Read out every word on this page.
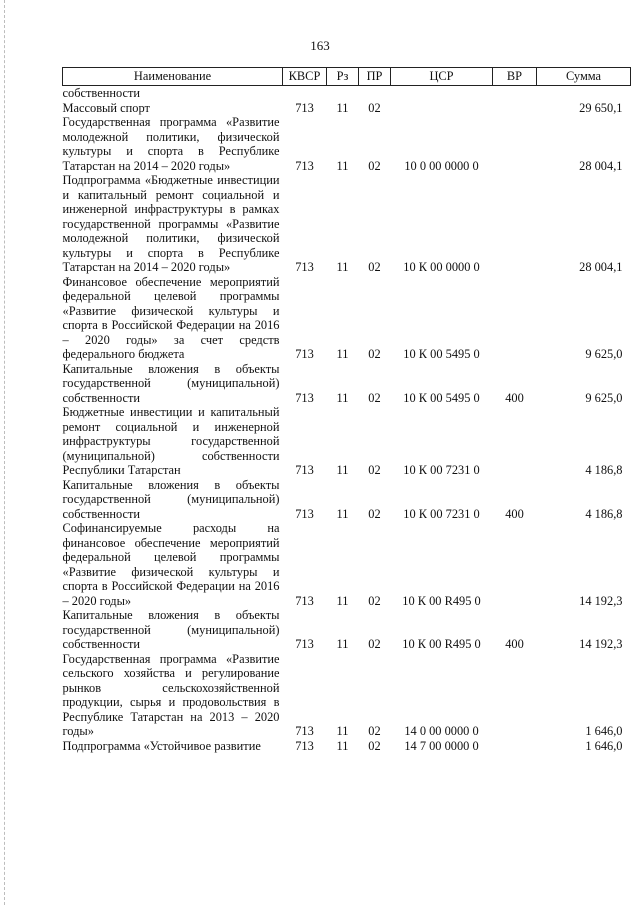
163
Наименование	КВСР	Рз	ПР	ЦСР	ВР	Сумма
собственности						
Массовый спорт	713	11	02			29 650,1
Государственная программа «Развитие молодежной политики, физической культуры и спорта в Республике Татарстан на 2014 – 2020 годы»	713	11	02	10 0 00 0000 0		28 004,1
Подпрограмма «Бюджетные инвестиции и капитальный ремонт социальной и инженерной инфраструктуры в рамках государственной программы «Развитие молодежной политики, физической культуры и спорта в Республике Татарстан на 2014 – 2020 годы»	713	11	02	10 К 00 0000 0		28 004,1
Финансовое обеспечение мероприятий федеральной целевой программы «Развитие физической культуры и спорта в Российской Федерации на 2016 – 2020 годы» за счет средств федерального бюджета	713	11	02	10 К 00 5495 0		9 625,0
Капитальные вложения в объекты государственной (муниципальной) собственности	713	11	02	10 К 00 5495 0	400	9 625,0
Бюджетные инвестиции и капитальный ремонт социальной и инженерной инфраструктуры государственной (муниципальной) собственности Республики Татарстан	713	11	02	10 К 00 7231 0		4 186,8
Капитальные вложения в объекты государственной (муниципальной) собственности	713	11	02	10 К 00 7231 0	400	4 186,8
Софинансируемые расходы на финансовое обеспечение мероприятий федеральной целевой программы «Развитие физической культуры и спорта в Российской Федерации на 2016 – 2020 годы»	713	11	02	10 К 00 R495 0		14 192,3
Капитальные вложения в объекты государственной (муниципальной) собственности	713	11	02	10 К 00 R495 0	400	14 192,3
Государственная программа «Развитие сельского хозяйства и регулирование рынков сельскохозяйственной продукции, сырья и продовольствия в Республике Татарстан на 2013 – 2020 годы»	713	11	02	14 0 00 0000 0		1 646,0
Подпрограмма «Устойчивое развитие	713	11	02	14 7 00 0000 0		1 646,0
